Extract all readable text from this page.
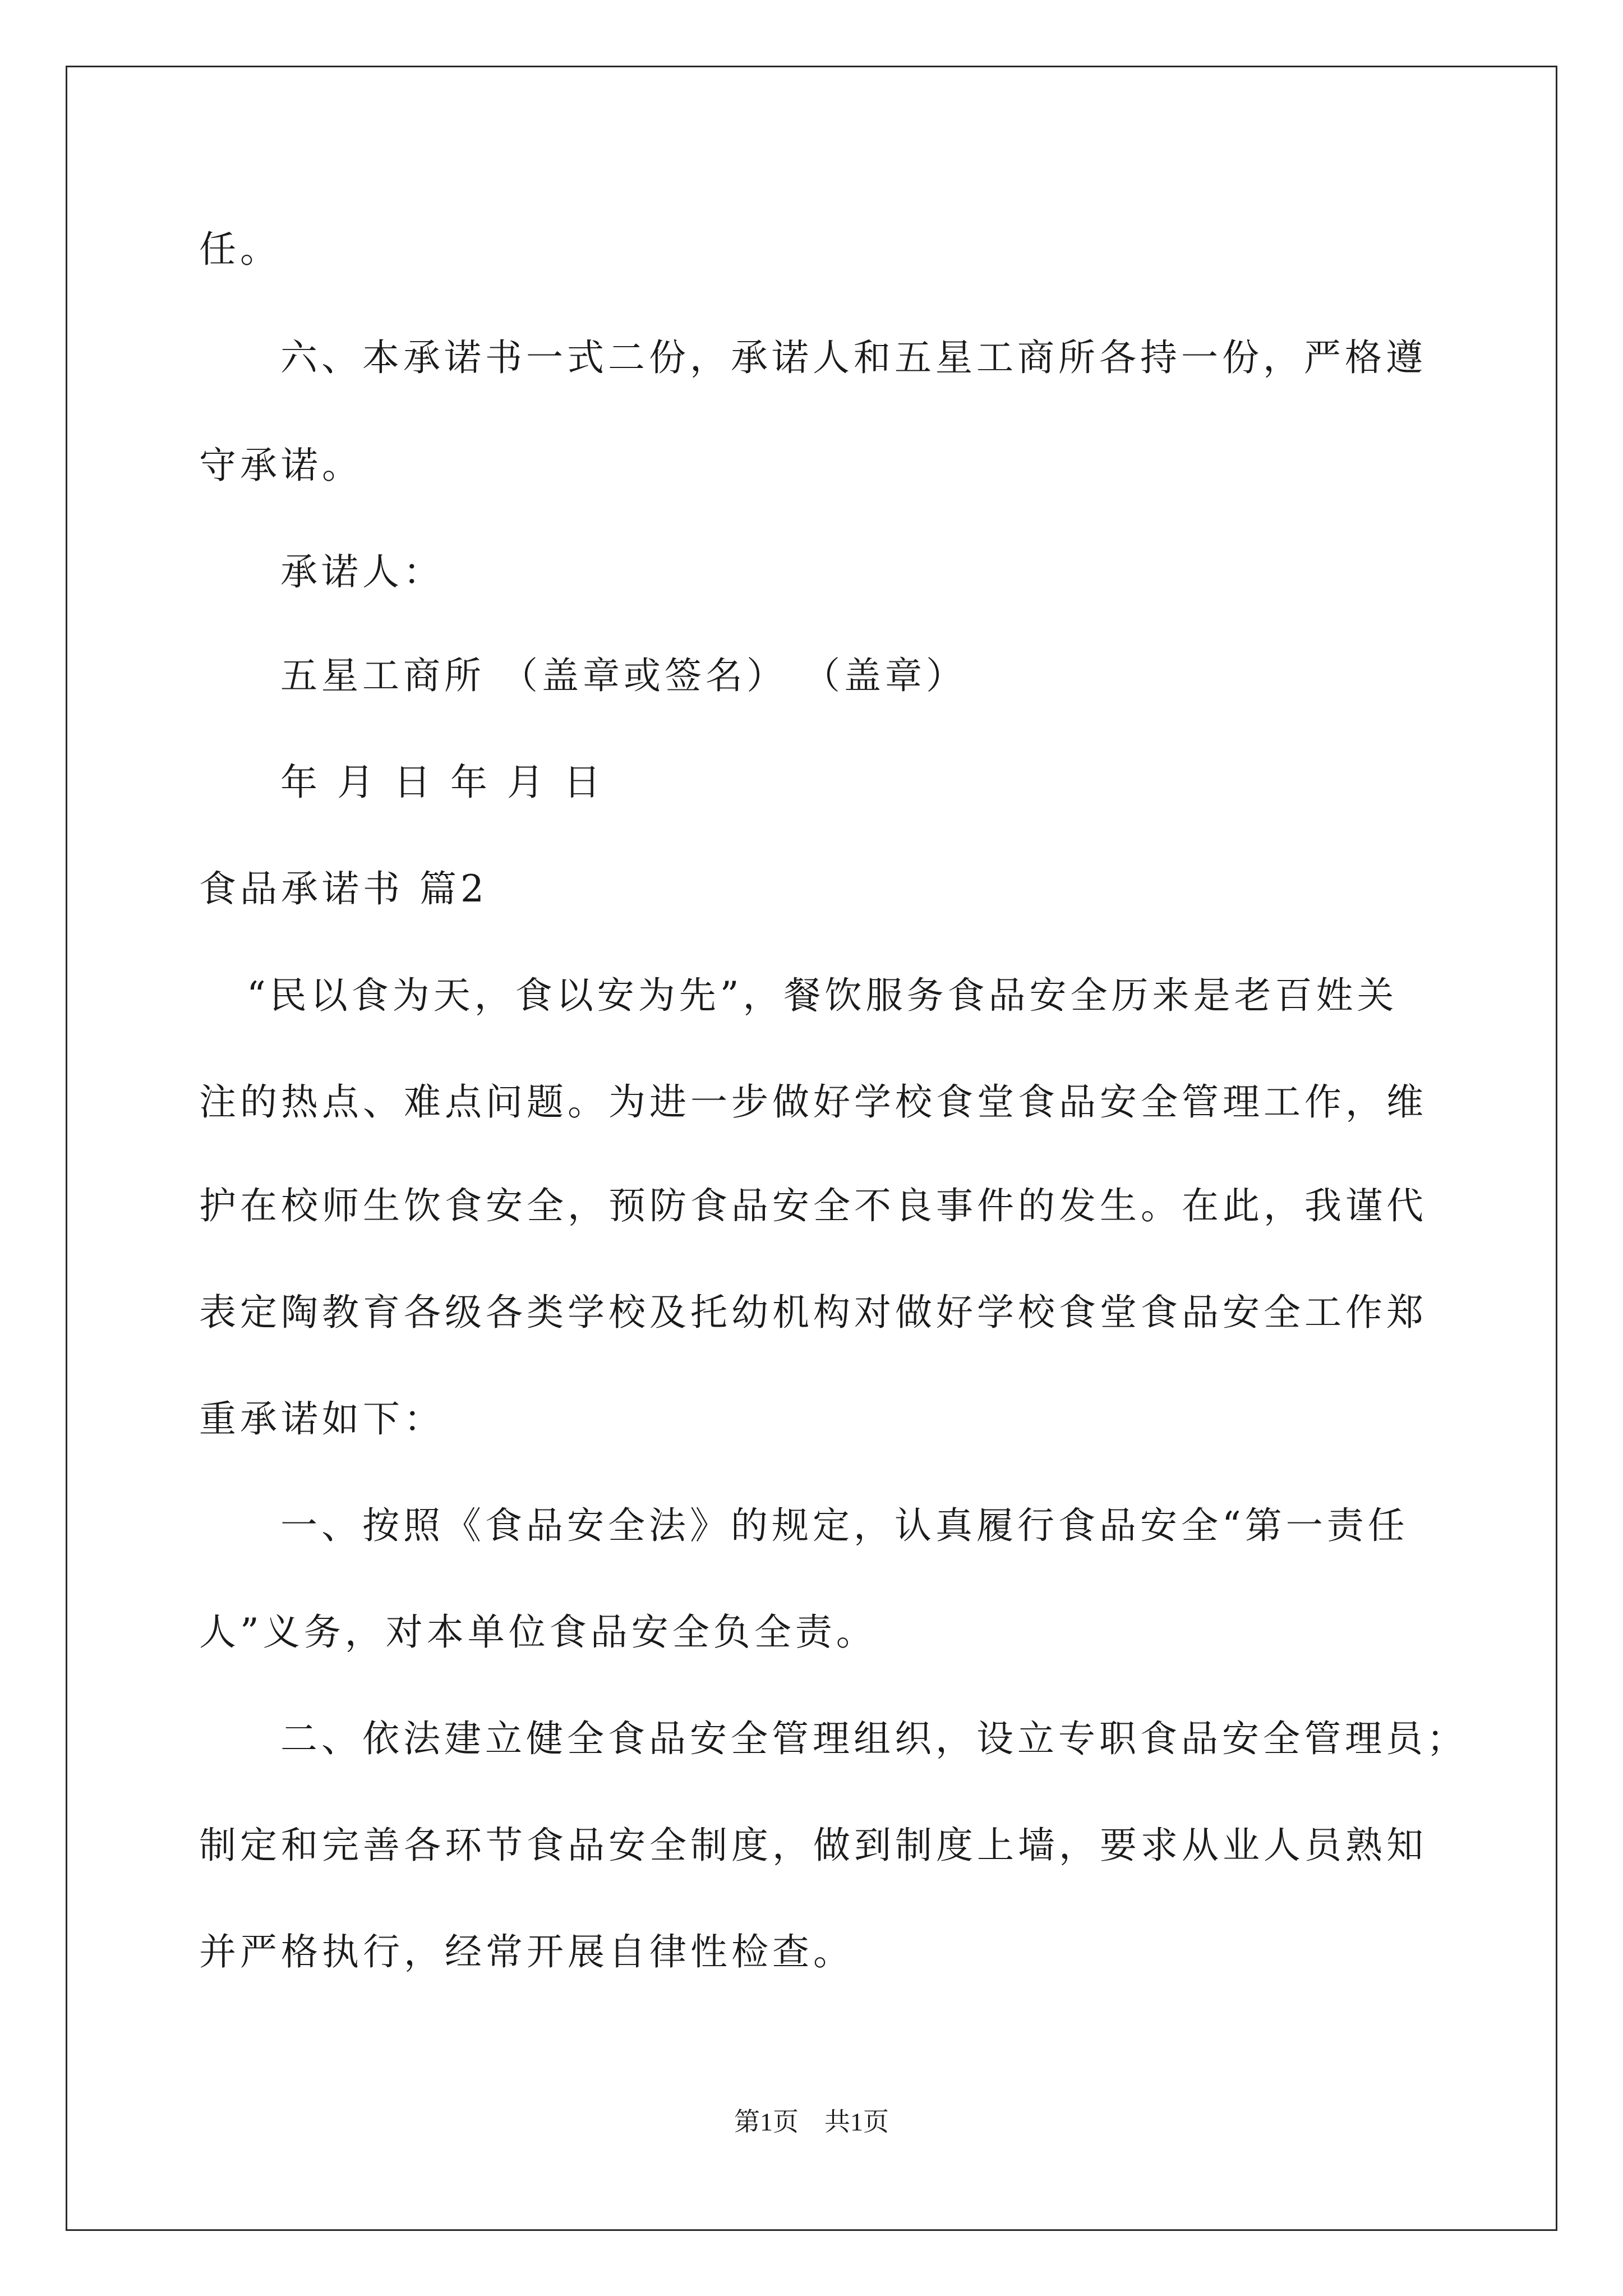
任。
六、本承诺书一式二份，承诺人和五星工商所各持一份，严格遵
守承诺。
承诺人：
五星工商所 （盖章或签名） （盖章）
年 月 日 年 月 日
食品承诺书 篇2
“民以食为天，食以安为先”，餐饮服务食品安全历来是老百姓关
注的热点、难点问题。为进一步做好学校食堂食品安全管理工作，维
护在校师生饮食安全，预防食品安全不良事件的发生。在此，我谨代
表定陶教育各级各类学校及托幼机构对做好学校食堂食品安全工作郑
重承诺如下：
一、按照《食品安全法》的规定，认真履行食品安全“第一责任
人”义务，对本单位食品安全负全责。
二、依法建立健全食品安全管理组织，设立专职食品安全管理员；
制定和完善各环节食品安全制度，做到制度上墙，要求从业人员熟知
并严格执行，经常开展自律性检查。
第1页　共1页
